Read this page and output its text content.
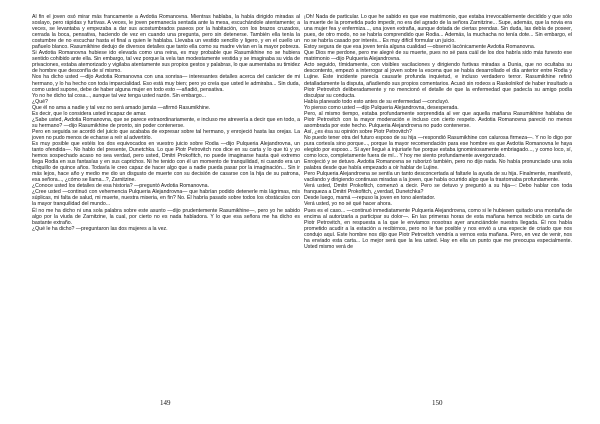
Al fin el joven osó mirar más francamente a Avdotia Romanovna. Mientras hablaba, la había dirigido miradas al soslayo, pero rápidas y furtivas. A veces, le joven permanecía sentada ante la mesa, escuchándole atentamente; a veces, se levantaba y empezaba a dar sus acostumbrados paseos por la habitación, con los brazos cruzados, cerrada la boca, pensativa, haciendo de vez en cuando una pregunta, pero sin detenerse. También ella tenía la costumbre de no escuchar hasta el final a quien le hablaba. Llevaba un vestido sencillo y ligero, y en el cuello un pañuelo blanco. Rasumikhine dedujo de diversos detalles que tanto ella como su madre vivían en la mayor pobreza. Si Avdotia Romanovna hubiese ido elevada como una reina, es muy probable que Rasumikhine no se hubiera sentido cohibido ante ella. Sin embargo, tal vez porque la veía tan modestamente vestida y se imaginaba su vida de privaciones, estaba atemorizado y vigilaba atentamente sus propios gestos y palabras, lo que aumentaba su timidez de hombre que desconfía de sí mismo.

Nos ha dicho usted —dijo Avdotia Romanovna con una sonrisa— interesantes detalles acerca del carácter de mi hermano, y lo ha hecho con toda imparcialidad. Eso está muy bien; pero yo creía que usted le admiraba... Sin duda, como usted supone, debe de haber alguna mujer en todo esto —añadió, pensativa.

Yo no he dicho tal cosa..., aunque tal vez tenga usted razón. Sin embargo...

¿Qué?

Que él no ama a nadie y tal vez no será amado jamás —afirmó Rasumikhine.

Es decir, que lo considera usted incapaz de amar.

¿Sabe usted, Avdotia Romanovna, que se parece extraordinariamente, e incluso me atrevería a decir que en todo, a su hermano? —dijo Rasumikhine de pronto, sin poder contenerse.

Pero en seguida se acordó del juicio que acababa de expresar sobre tal hermano, y enrojeció hasta las orejas. La joven no pudo menos de echarse a reír al advertirlo.

Es muy posible que estéis los dos equivocados en vuestro juicio sobre Rodia —dijo Pulqueria Alejandrovna, un tanto ofendida—. No hablo del presente, Dunetchka. Lo que Piotr Petrovitch nos dice en su carta y lo que tú y yo hemos sospechado acaso no sea verdad, pero usted, Dmitri Prokofitch, no puede imaginarse hasta qué extremo llega Rodia en sus fantasías y en sus caprichos. Ni he tenido con él un momento de tranquilidad, ni cuando era un chiquillo de quince años. Todavía le creo capaz de hacer algo que a nadie pueda pasar por la imaginación... Sin ir más lejos, hace año y medio me dio un disgusto de muerte con su decisión de casarse con la hija de su patrona, esa señora..., ¿cómo se llama...?, Zarnitzine.

¿Conoce usted los detalles de esa historia? —preguntó Avdotia Romanovna.

¿Cree usted —continuó con vehemencia Pulqueria Alejandrovna— que habrían podido detenerle mis lágrimas, mis súplicas, mi falta de salud, mi muerte, nuestra miseria, en fin? No. Él habría pasado sobre todos los obstáculos con la mayor tranquilidad del mundo...

Él no me ha dicho ni una sola palabra sobre este asunto —dijo prudentemente Rasumikhine—, pero yo he sabido algo por la viuda de Zarnitzine, la cual, por cierto no es nada habladora. Y lo que esa señora me ha dicho es bastante extraño.

¿Qué le ha dicho? —preguntaron las dos mujeres a la vez.

¡Oh! Nada de particular. Lo que he sabido es que ese matrimonio, que estaba irrevocablemente decidido y que sólo la muerte de la prometida pudo impedir, no era del agrado de la señora Zarnitzine... Supe, además, que la novia era una mujer fea y enfermiza..., una joven extraña, aunque dotada de ciertas prendas. Sin duda, las debía de poseer, pues, de otro modo, no se habría comprendido que Rodia... Además, la muchacha no tenía dote... Sin embargo, el no se habría casado por interés... Es muy difícil formular un juicio.

Estoy segura de que esa joven tenía alguna cualidad —observó lacónicamente Avdotia Romanovna.

Que Dios me perdone, pero me alegré de su muerte, pues no sé para cuál de los dos habría sido más funesto ese matrimonio —dijo Pulqueria Alejandrovna.

Acto seguido, tímidamente, con visibles vacilaciones y dirigiendo furtivas miradas a Dunia, que no ocultaba su descontento, empezó a interrogar al joven sobre la escena que se había desarrollado el día anterior entre Rodia y Lujine. Este incidente parecía causarle profunda inquietud, e incluso verdadero terror. Rasumikhine refirió detalladamente la disputa, añadiendo sus propios comentarios. Acusó sin rodeos a Raskolnikof de haber insultado a Piotr Petrovitch deliberadamente y no mencionó el detalle de que la enfermedad que padecía su amigo podía disculpar su conducta.

Había planeado todo esto antes de su enfermedad —concluyó.

Yo pienso como usted —dijo Pulqueria Alejandrovna, desesperada.

Pero, al mismo tiempo, estaba profundamente sorprendida al ver que aquella mañana Rasumikhine hablaba de Piotr Petrovitch con la mayor moderación e incluso con cierto respeto. Avdotia Romanovna pareció no menos asombrada por este hecho. Pulqueria Alejandrovna no pudo contenerse.

Así, ¿es ésa su opinión sobre Piotr Petrovitch?

No puedo tener otra del futuro esposo de su hija —respondió Rasumikhine con calurosa firmeza—. Y no lo digo por pura cortesía sino porque..., porque la mayor recomendación para ese hombre es que Avdotia Romanovna le haya elegido por esposo... Si ayer llegué a injuriarle fue porque estaba ignominiosamente embriagado..., y como loco, sí, como loco, completamente fuera de mí... Y hoy me siento profundamente avergonzado.

Enrojeció y se detuvo. Avdotia Romanovna se ruborizó también, pero no dijo nada. No había pronunciado una sola palabra desde que había empezado a oír hablar de Lujine.

Pero Pulqueria Alejandrovna se sentía un tanto desconcertada al faltarle la ayuda de su hija. Finalmente, manifestó, vacilando y dirigiendo continuas miradas a la joven, que había ocurrido algo que la trastornaba profundamente.

Verá usted, Dmitri Prokofitch, comenzó a decir. Pero se detuvo y preguntó a su hija—: Debo hablar con toda franqueza a Dmitri Prokofitch, ¿verdad, Dunetchka?

Desde luego, mamá —repuso la joven en tono alentador.

Verá usted, yo no sé qué hacer ahora.

Pues es el caso... —continuó inmediatamente Pulqueria Alejandrovna, como si le hubiesen quitado una montaña de encima al autorizarla a participar su dolor—. En las primeras horas de esta mañana hemos recibido un carta de Piotr Petrovitch, en respuesta a la que le enviamos nosotras ayer anunciándole nuestra llegada. Él nos había prometido acudir a la estación a recibirnos, pero no le fue posible y nos envió a una especie de criado que nos condujo aquí. Este hombre nos dijo que Piotr Petrovitch vendría a vernos esta mañana. Pero, en vez de venir, nos ha enviado esta carta... Lo mejor será que la lea usted. Hay en ella un punto que me preocupa especialmente. Usted mismo verá de

149	150
